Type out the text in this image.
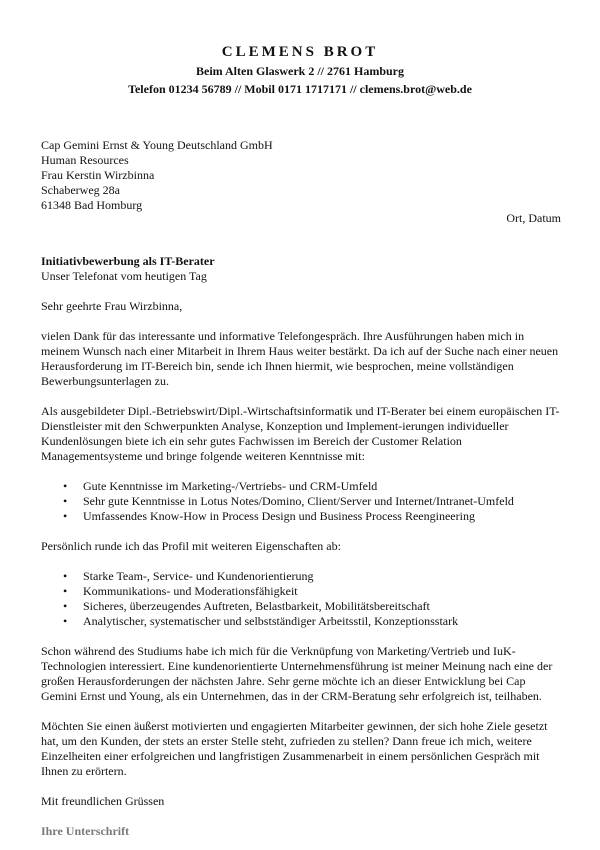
CLEMENS BROT
Beim Alten Glaswerk 2 // 2761 Hamburg
Telefon 01234 56789 // Mobil 0171 1717171 // clemens.brot@web.de
Cap Gemini Ernst & Young Deutschland GmbH
Human Resources
Frau Kerstin Wirzbinna
Schaberweg 28a
61348 Bad Homburg
Ort, Datum
Initiativbewerbung als IT-Berater
Unser Telefonat vom heutigen Tag

Sehr geehrte Frau Wirzbinna,

vielen Dank für das interessante und informative Telefongespräch. Ihre Ausführungen haben mich in meinem Wunsch nach einer Mitarbeit in Ihrem Haus weiter bestärkt. Da ich auf der Suche nach einer neuen Herausforderung im IT-Bereich bin, sende ich Ihnen hiermit, wie besprochen, meine vollständigen Bewerbungsunterlagen zu.

Als ausgebildeter Dipl.-Betriebswirt/Dipl.-Wirtschaftsinformatik und IT-Berater bei einem europäischen IT-Dienstleister mit den Schwerpunkten Analyse, Konzeption und Implement-ierungen individueller Kundenlösungen biete ich ein sehr gutes Fachwissen im Bereich der Customer Relation Managementsysteme und bringe folgende weiteren Kenntnisse mit:

• Gute Kenntnisse im Marketing-/Vertriebs- und CRM-Umfeld
• Sehr gute Kenntnisse in Lotus Notes/Domino, Client/Server und Internet/Intranet-Umfeld
• Umfassendes Know-How in Process Design und Business Process Reengineering

Persönlich runde ich das Profil mit weiteren Eigenschaften ab:

• Starke Team-, Service- und Kundenorientierung
• Kommunikations- und Moderationsfähigkeit
• Sicheres, überzeugendes Auftreten, Belastbarkeit, Mobilitätsbereitschaft
• Analytischer, systematischer und selbstständiger Arbeitsstil, Konzeptionsstark

Schon während des Studiums habe ich mich für die Verknüpfung von Marketing/Vertrieb und IuK-Technologien interessiert. Eine kundenorientierte Unternehmensführung ist meiner Meinung nach eine der großen Herausforderungen der nächsten Jahre. Sehr gerne möchte ich an dieser Entwicklung bei Cap Gemini Ernst und Young, als ein Unternehmen, das in der CRM-Beratung sehr erfolgreich ist, teilhaben.

Möchten Sie einen äußerst motivierten und engagierten Mitarbeiter gewinnen, der sich hohe Ziele gesetzt hat, um den Kunden, der stets an erster Stelle steht, zufrieden zu stellen? Dann freue ich mich, weitere Einzelheiten einer erfolgreichen und langfristigen Zusammenarbeit in einem persönlichen Gespräch mit Ihnen zu erörtern.

Mit freundlichen Grüssen

Ihre Unterschrift
